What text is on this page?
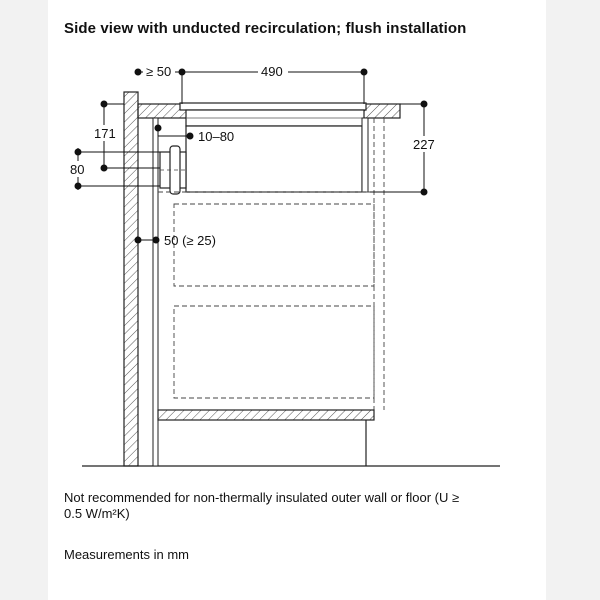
Side view with unducted recirculation; flush installation
≥ 50	490
171
80
10–80
227
50 (≥ 25)
Not recommended for non-thermally insulated outer wall or floor (U ≥
0.5 W/m²K)
Measurements in mm
